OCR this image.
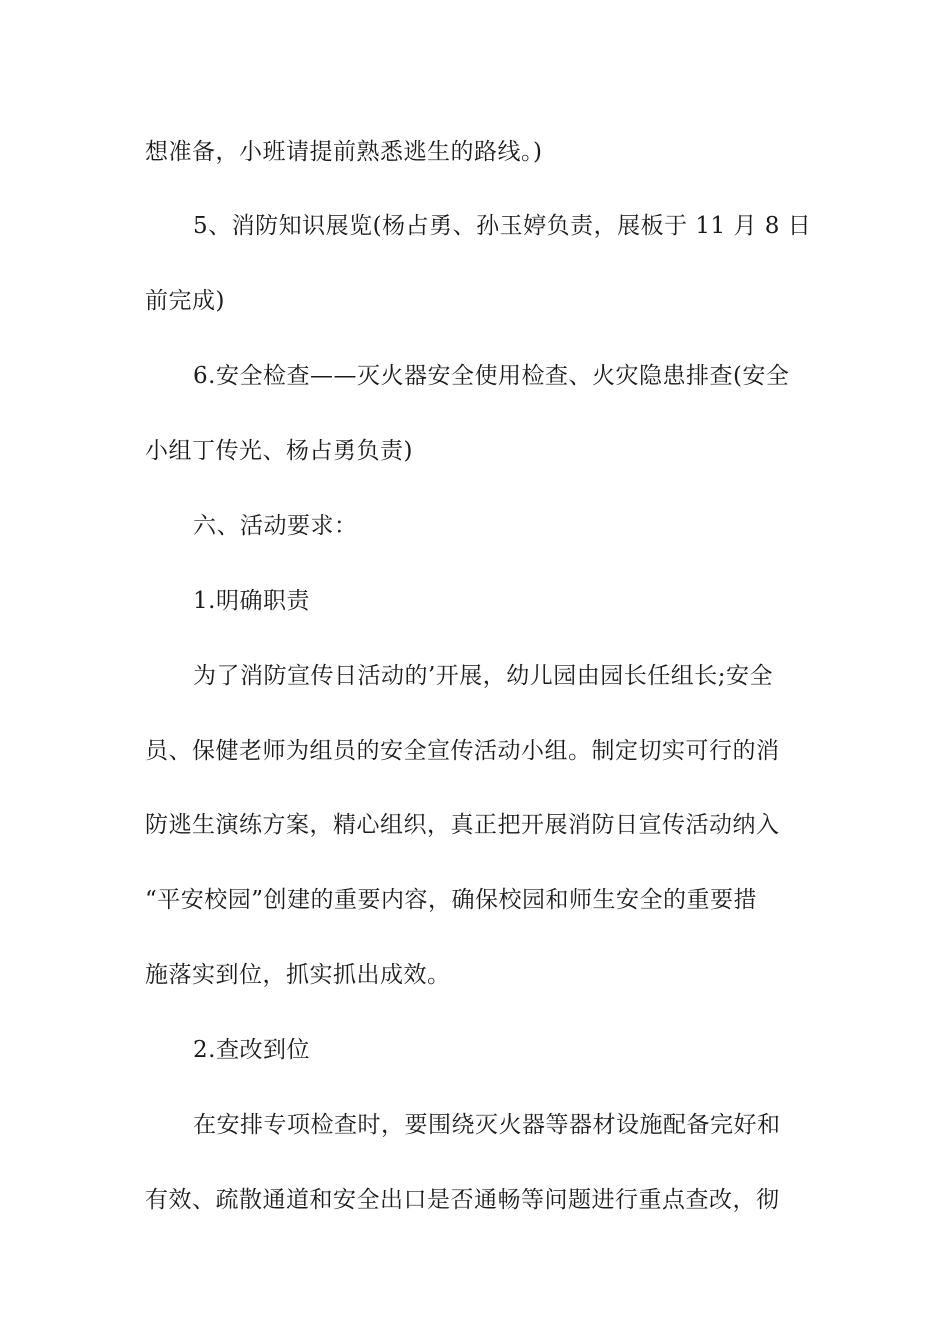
想准备，小班请提前熟悉逃生的路线。)
5、消防知识展览(杨占勇、孙玉婷负责，展板于 11 月 8 日
前完成)
6.安全检查——灭火器安全使用检查、火灾隐患排查(安全
小组丁传光、杨占勇负责)
六、活动要求：
1.明确职责
为了消防宣传日活动的’开展，幼儿园由园长任组长;安全
员、保健老师为组员的安全宣传活动小组。制定切实可行的消
防逃生演练方案，精心组织，真正把开展消防日宣传活动纳入
“平安校园”创建的重要内容，确保校园和师生安全的重要措
施落实到位，抓实抓出成效。
2.查改到位
在安排专项检查时，要围绕灭火器等器材设施配备完好和
有效、疏散通道和安全出口是否通畅等问题进行重点查改，彻
